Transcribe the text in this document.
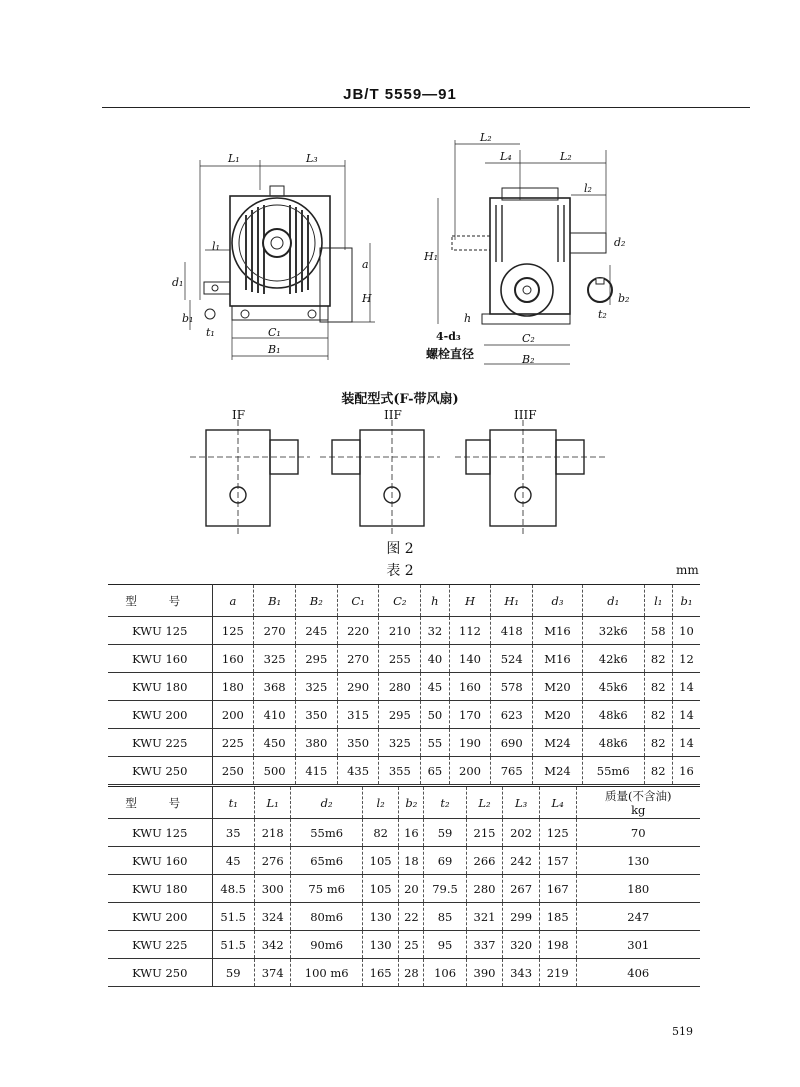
JB/T 5559—91
L₁	L₃
l₁
a
H
d₁
b₁
t₁	C₁
B₁
L₂
L₄	L₂
l₂
H₁
d₂
h
b₂
t₂
4-d₃
螺栓直径
C₂
B₂
装配型式(F-带风扇)
IF	IIF	IIIF
图 2
表 2	mm
型 号	a	B₁	B₂	C₁	C₂	h	H	H₁	d₃	d₁	l₁	b₁
KWU 125	125	270	245	220	210	32	112	418	M16	32k6	58	10
KWU 160	160	325	295	270	255	40	140	524	M16	42k6	82	12
KWU 180	180	368	325	290	280	45	160	578	M20	45k6	82	14
KWU 200	200	410	350	315	295	50	170	623	M20	48k6	82	14
KWU 225	225	450	380	350	325	55	190	690	M24	48k6	82	14
KWU 250	250	500	415	435	355	65	200	765	M24	55m6	82	16
型 号	t₁	L₁	d₂	l₂	b₂	t₂	L₂	L₃	L₄	质量(不含油)
kg

KWU 125	35	218	55m6	82	16	59	215	202	125	70
KWU 160	45	276	65m6	105	18	69	266	242	157	130
KWU 180	48.5	300	75 m6	105	20	79.5	280	267	167	180
KWU 200	51.5	324	80m6	130	22	85	321	299	185	247
KWU 225	51.5	342	90m6	130	25	95	337	320	198	301
KWU 250	59	374	100 m6	165	28	106	390	343	219	406
519
